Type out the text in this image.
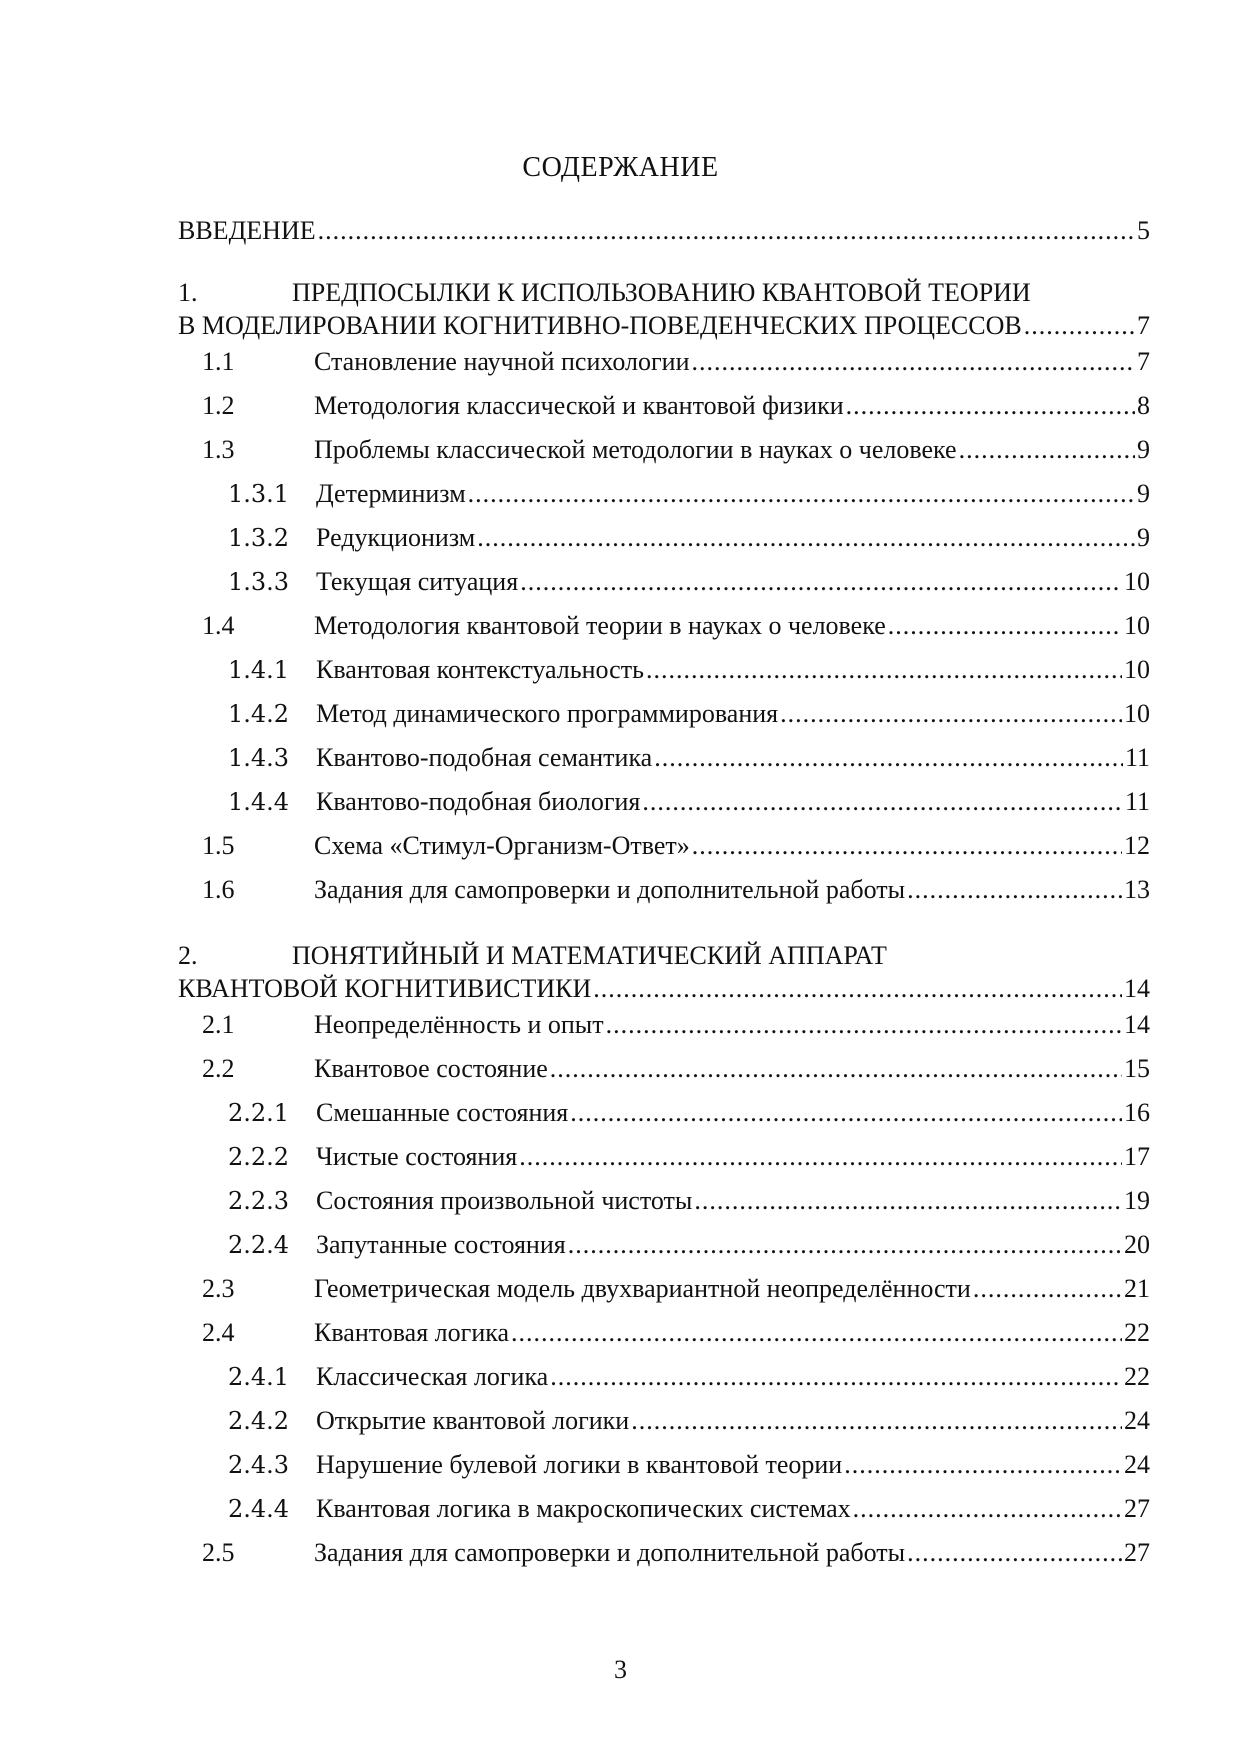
СОДЕРЖАНИЕ
ВВЕДЕНИЕ .....	5
1.	ПРЕДПОСЫЛКИ К ИСПОЛЬЗОВАНИЮ КВАНТОВОЙ ТЕОРИИ
В МОДЕЛИРОВАНИИ КОГНИТИВНО-ПОВЕДЕНЧЕСКИХ ПРОЦЕССОВ .....	7
1.1	Становление научной психологии .....	7
1.2	Методология классической и квантовой физики .....	8
1.3	Проблемы классической методологии в науках о человеке .....	9
1.3.1	Детерминизм .....	9
1.3.2	Редукционизм .....	9
1.3.3	Текущая ситуация .....	10
1.4	Методология квантовой теории в науках о человеке .....	10
1.4.1	Квантовая контекстуальность .....	10
1.4.2	Метод динамического программирования .....	10
1.4.3	Квантово-подобная семантика .....	11
1.4.4	Квантово-подобная биология .....	11
1.5	Схема «Стимул-Организм-Ответ» .....	12
1.6	Задания для самопроверки и дополнительной работы .....	13
2.	ПОНЯТИЙНЫЙ И МАТЕМАТИЧЕСКИЙ АППАРАТ
КВАНТОВОЙ КОГНИТИВИСТИКИ .....	14
2.1	Неопределённость и опыт .....	14
2.2	Квантовое состояние .....	15
2.2.1	Смешанные состояния .....	16
2.2.2	Чистые состояния .....	17
2.2.3	Состояния произвольной чистоты .....	19
2.2.4	Запутанные состояния .....	20
2.3	Геометрическая модель двухвариантной неопределённости .....	21
2.4	Квантовая логика .....	22
2.4.1	Классическая логика .....	22
2.4.2	Открытие квантовой логики .....	24
2.4.3	Нарушение булевой логики в квантовой теории .....	24
2.4.4	Квантовая логика в макроскопических системах .....	27
2.5	Задания для самопроверки и дополнительной работы .....	27
3
